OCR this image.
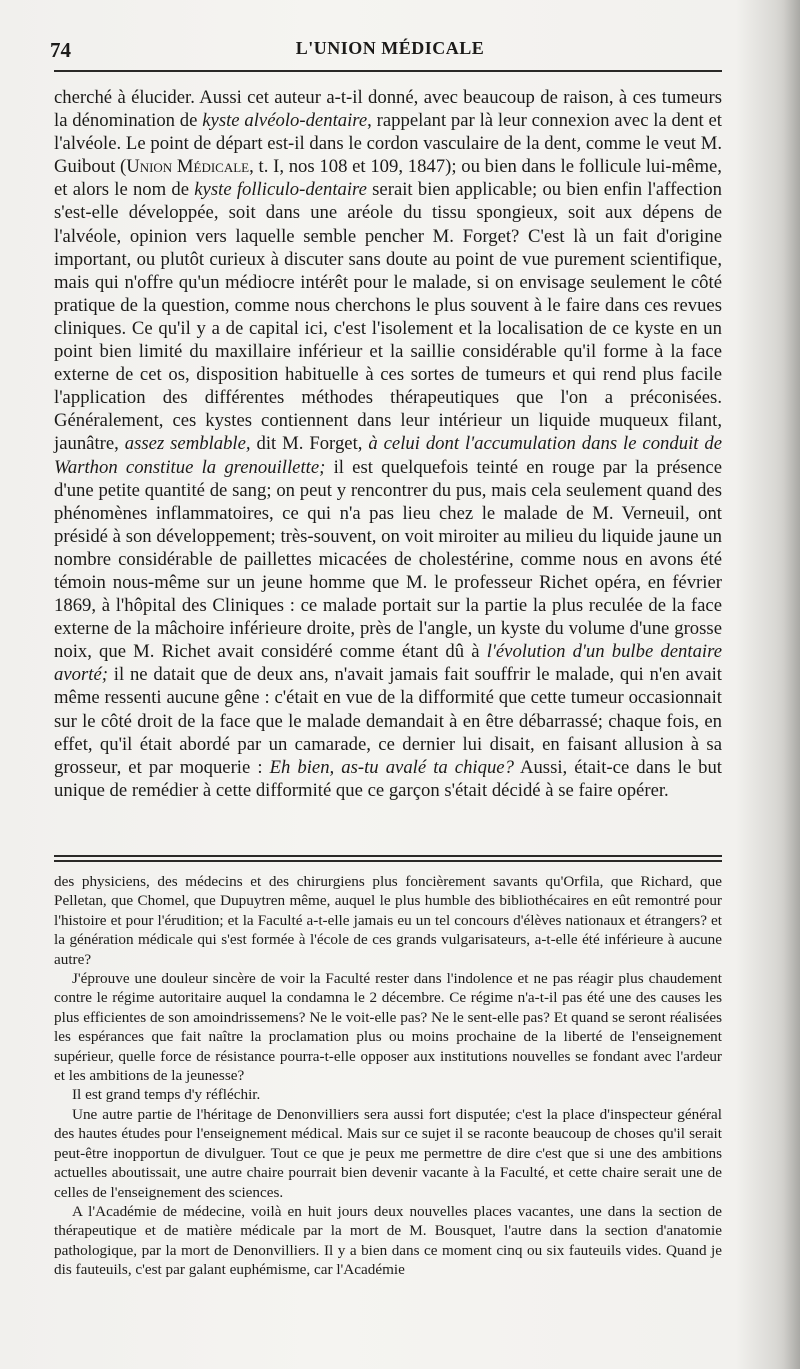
74	L'UNION MÉDICALE

cherché à élucider. Aussi cet auteur a-t-il donné, avec beaucoup de raison, à ces tumeurs la dénomination de kyste alvéolo-dentaire, rappelant par là leur connexion avec la dent et l'alvéole. Le point de départ est-il dans le cordon vasculaire de la dent, comme le veut M. Guibout (Union Médicale, t. I, nos 108 et 109, 1847); ou bien dans le follicule lui-même, et alors le nom de kyste folliculo-dentaire serait bien applicable; ou bien enfin l'affection s'est-elle développée, soit dans une aréole du tissu spongieux, soit aux dépens de l'alvéole, opinion vers laquelle semble pencher M. Forget? C'est là un fait d'origine important, ou plutôt curieux à discuter sans doute au point de vue purement scientifique, mais qui n'offre qu'un médiocre intérêt pour le malade, si on envisage seulement le côté pratique de la question, comme nous cherchons le plus souvent à le faire dans ces revues cliniques. Ce qu'il y a de capital ici, c'est l'isolement et la localisation de ce kyste en un point bien limité du maxillaire inférieur et la saillie considérable qu'il forme à la face externe de cet os, disposition habituelle à ces sortes de tumeurs et qui rend plus facile l'application des différentes méthodes thérapeutiques que l'on a préconisées. Généralement, ces kystes contiennent dans leur intérieur un liquide muqueux filant, jaunâtre, assez semblable, dit M. Forget, à celui dont l'accumulation dans le conduit de Warthon constitue la grenouillette; il est quelquefois teinté en rouge par la présence d'une petite quantité de sang; on peut y rencontrer du pus, mais cela seulement quand des phénomènes inflammatoires, ce qui n'a pas lieu chez le malade de M. Verneuil, ont présidé à son développement; très-souvent, on voit miroiter au milieu du liquide jaune un nombre considérable de paillettes micacées de cholestérine, comme nous en avons été témoin nous-même sur un jeune homme que M. le professeur Richet opéra, en février 1869, à l'hôpital des Cliniques : ce malade portait sur la partie la plus reculée de la face externe de la mâchoire inférieure droite, près de l'angle, un kyste du volume d'une grosse noix, que M. Richet avait considéré comme étant dû à l'évolution d'un bulbe dentaire avorté; il ne datait que de deux ans, n'avait jamais fait souffrir le malade, qui n'en avait même ressenti aucune gêne : c'était en vue de la difformité que cette tumeur occasionnait sur le côté droit de la face que le malade demandait à en être débarrassé; chaque fois, en effet, qu'il était abordé par un camarade, ce dernier lui disait, en faisant allusion à sa grosseur, et par moquerie : Eh bien, as-tu avalé ta chique? Aussi, était-ce dans le but unique de remédier à cette difformité que ce garçon s'était décidé à se faire opérer.

des physiciens, des médecins et des chirurgiens plus foncièrement savants qu'Orfila, que Richard, que Pelletan, que Chomel, que Dupuytren même, auquel le plus humble des bibliothécaires en eût remontré pour l'histoire et pour l'érudition; et la Faculté a-t-elle jamais eu un tel concours d'élèves nationaux et étrangers? et la génération médicale qui s'est formée à l'école de ces grands vulgarisateurs, a-t-elle été inférieure à aucune autre?

J'éprouve une douleur sincère de voir la Faculté rester dans l'indolence et ne pas réagir plus chaudement contre le régime autoritaire auquel la condamna le 2 décembre. Ce régime n'a-t-il pas été une des causes les plus efficientes de son amoindrissemens? Ne le voit-elle pas? Ne le sent-elle pas? Et quand se seront réalisées les espérances que fait naître la proclamation plus ou moins prochaine de la liberté de l'enseignement supérieur, quelle force de résistance pourra-t-elle opposer aux institutions nouvelles se fondant avec l'ardeur et les ambitions de la jeunesse?

Il est grand temps d'y réfléchir.

Une autre partie de l'héritage de Denonvilliers sera aussi fort disputée; c'est la place d'inspecteur général des hautes études pour l'enseignement médical. Mais sur ce sujet il se raconte beaucoup de choses qu'il serait peut-être inopportun de divulguer. Tout ce que je peux me permettre de dire c'est que si une des ambitions actuelles aboutissait, une autre chaire pourrait bien devenir vacante à la Faculté, et cette chaire serait une de celles de l'enseignement des sciences.

A l'Académie de médecine, voilà en huit jours deux nouvelles places vacantes, une dans la section de thérapeutique et de matière médicale par la mort de M. Bousquet, l'autre dans la section d'anatomie pathologique, par la mort de Denonvilliers. Il y a bien dans ce moment cinq ou six fauteuils vides. Quand je dis fauteuils, c'est par galant euphémisme, car l'Académie
